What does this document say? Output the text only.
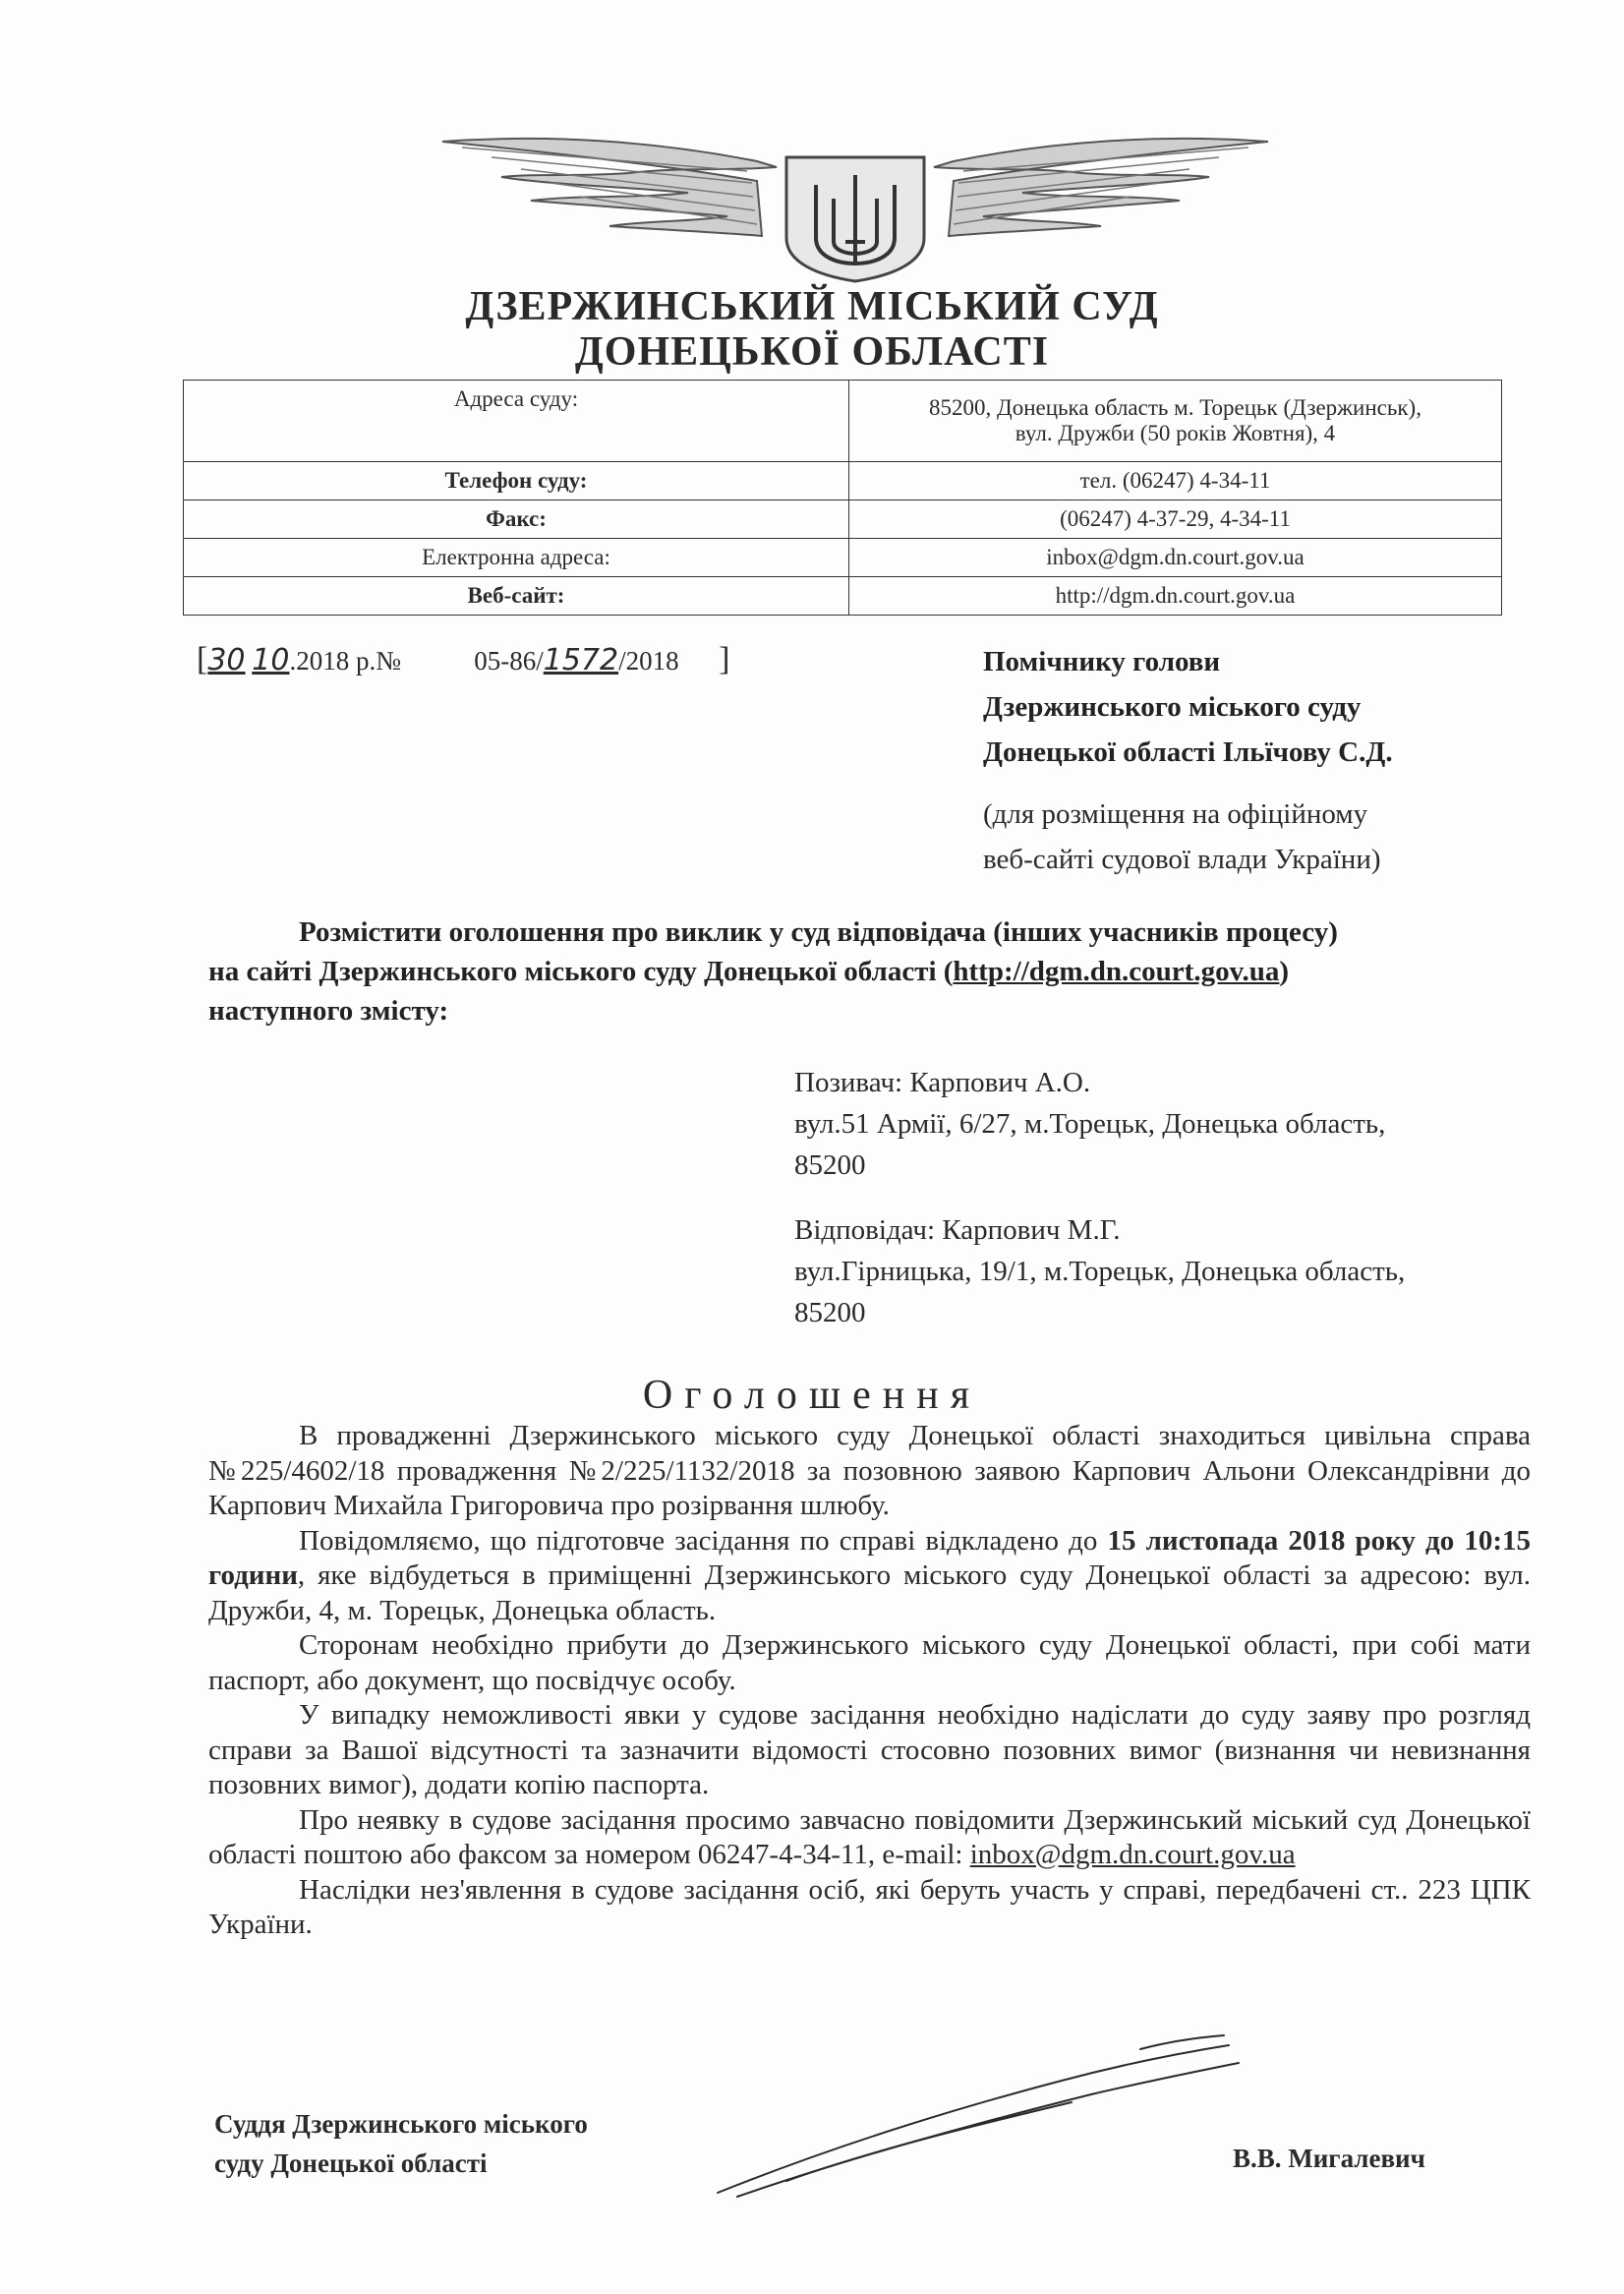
ДЗЕРЖИНСЬКИЙ МІСЬКИЙ СУД
ДОНЕЦЬКОЇ ОБЛАСТІ
Адреса суду:	85200, Донецька область м. Торецьк (Дзержинськ),
вул. Дружби (50 років Жовтня), 4

Телефон суду:	тел. (06247) 4-34-11
Факс:	(06247) 4-37-29, 4-34-11
Електронна адреса:	inbox@dgm.dn.court.gov.ua
Веб-сайт:	http://dgm.dn.court.gov.ua
[30 10.2018 р.№	05-86/1572/2018 ]	Помічнику голови
Дзержинського міського суду
Донецької області Ільїчову С.Д.
(для розміщення на офіційному
веб-сайті судової влади України)

Розмістити оголошення про виклик у суд відповідача (інших учасників процесу)

на сайті Дзержинського міського суду Донецької області (http://dgm.dn.court.gov.ua)

наступного змісту:

Позивач: Карпович А.О.
вул.51 Армії, 6/27, м.Торецьк, Донецька область,
85200
Відповідач: Карпович М.Г.
вул.Гірницька, 19/1, м.Торецьк, Донецька область,
85200
Оголошення

В провадженні Дзержинського міського суду Донецької області знаходиться цивільна справа №225/4602/18 провадження №2/225/1132/2018 за позовною заявою Карпович Альони Олександрівни до Карпович Михайла Григоровича про розірвання шлюбу.

Повідомляємо, що підготовче засідання по справі відкладено до 15 листопада 2018 року до 10:15 години, яке відбудеться в приміщенні Дзержинського міського суду Донецької області за адресою: вул. Дружби, 4, м. Торецьк, Донецька область.

Сторонам необхідно прибути до Дзержинського міського суду Донецької області, при собі мати паспорт, або документ, що посвідчує особу.

У випадку неможливості явки у судове засідання необхідно надіслати до суду заяву про розгляд справи за Вашої відсутності та зазначити відомості стосовно позовних вимог (визнання чи невизнання позовних вимог), додати копію паспорта.

Про неявку в судове засідання просимо завчасно повідомити Дзержинський міський суд Донецької області поштою або факсом за номером 06247-4-34-11, e-mail: inbox@dgm.dn.court.gov.ua

Наслідки нез'явлення в судове засідання осіб, які беруть участь у справі, передбачені ст.. 223 ЦПК України.

Суддя Дзержинського міського
суду Донецької області	В.В. Мигалевич
